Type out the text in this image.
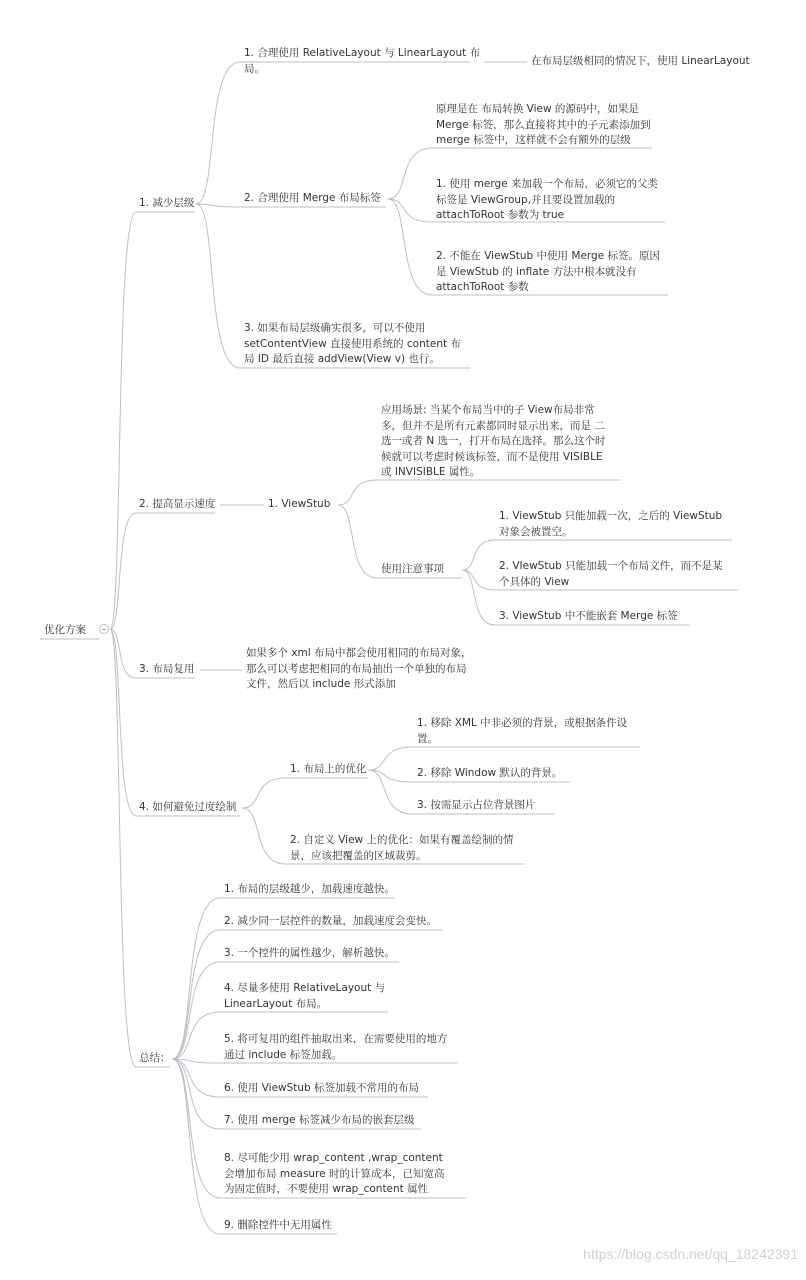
优化方案
1. 减少层级
1. 合理使用 RelativeLayout 与 LinearLayout 布
局。
在布局层级相同的情况下，使用 LinearLayout
2. 合理使用 Merge 布局标签
原理是在 布局转换 View 的源码中，如果是
Merge 标签，那么直接将其中的子元素添加到
merge 标签中，这样就不会有额外的层级
1. 使用 merge 来加载一个布局，必须它的父类
标签是 ViewGroup,并且要设置加载的
attachToRoot 参数为 true
2. 不能在 ViewStub 中使用 Merge 标签。原因
是 ViewStub 的 inflate 方法中根本就没有
attachToRoot 参数
3. 如果布局层级确实很多，可以不使用
setContentView 直接使用系统的 content 布
局 ID 最后直接 addView(View v) 也行。
2. 提高显示速度	1. ViewStub
应用场景: 当某个布局当中的子 View布局非常
多，但并不是所有元素都同时显示出来，而是 二
选一或者 N 选一，打开布局在选择。那么这个时
候就可以考虑时候该标签，而不是使用 VISIBLE
或 INVISIBLE 属性。
使用注意事项
1. ViewStub 只能加载一次，之后的 ViewStub
对象会被置空。
2. VIewStub 只能加载一个布局文件，而不是某
个具体的 View
3. ViewStub 中不能嵌套 Merge 标签
3. 布局复用
如果多个 xml 布局中都会使用相同的布局对象，
那么可以考虑把相同的布局抽出一个单独的布局
文件，然后以 include 形式添加
4. 如何避免过度绘制
1. 布局上的优化
1. 移除 XML 中非必须的背景，或根据条件设
置。
2. 移除 Window 默认的背景。
3. 按需显示占位背景图片
2. 自定义 View 上的优化：如果有覆盖绘制的情
景，应该把覆盖的区域裁剪。
总结：
1. 布局的层级越少，加载速度越快。
2. 减少同一层控件的数量，加载速度会变快。
3. 一个控件的属性越少，解析越快。
4. 尽量多使用 RelativeLayout 与
LinearLayout 布局。
5. 将可复用的组件抽取出来，在需要使用的地方
通过 include 标签加载。
6. 使用 ViewStub 标签加载不常用的布局
7. 使用 merge 标签减少布局的嵌套层级
8. 尽可能少用 wrap_content ,wrap_content
会增加布局 measure 时的计算成本，已知宽高
为固定值时，不要使用 wrap_content 属性
9. 删除控件中无用属性
https://blog.csdn.net/qq_18242391
